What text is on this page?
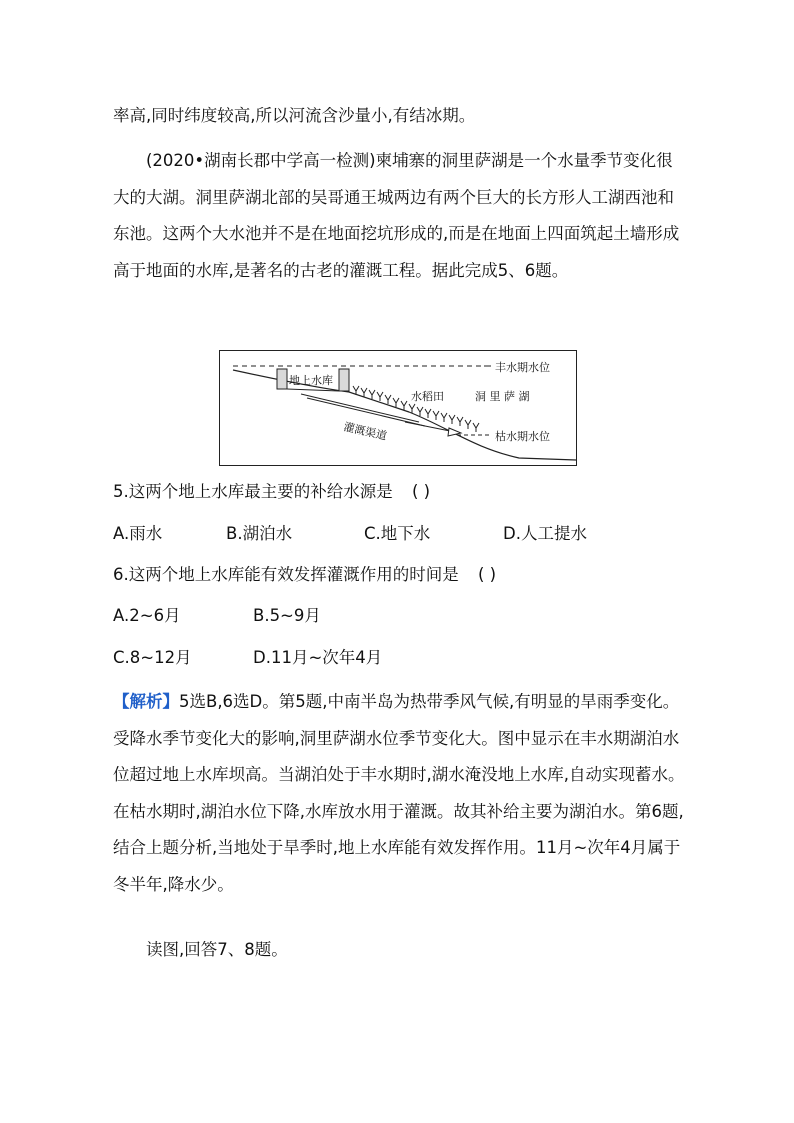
率高,同时纬度较高,所以河流含沙量小,有结冰期。

(2020•湖南长郡中学高一检测)柬埔寨的洞里萨湖是一个水量季节变化很大的大湖。洞里萨湖北部的吴哥通王城两边有两个巨大的长方形人工湖西池和东池。这两个大水池并不是在地面挖坑形成的,而是在地面上四面筑起土墙形成高于地面的水库,是著名的古老的灌溉工程。据此完成5、6题。

丰水期水位
枯水期水位
地上水库
水稻田	洞 里 萨 湖
灌溉渠道
5.这两个地上水库最主要的补给水源是 ( )
A.雨水	B.湖泊水	C.地下水	D.人工提水
6.这两个地上水库能有效发挥灌溉作用的时间是 ( )
A.2~6月	B.5~9月
C.8~12月	D.11月~次年4月

【解析】5选B,6选D。第5题,中南半岛为热带季风气候,有明显的旱雨季变化。受降水季节变化大的影响,洞里萨湖水位季节变化大。图中显示在丰水期湖泊水位超过地上水库坝高。当湖泊处于丰水期时,湖水淹没地上水库,自动实现蓄水。在枯水期时,湖泊水位下降,水库放水用于灌溉。故其补给主要为湖泊水。第6题,结合上题分析,当地处于旱季时,地上水库能有效发挥作用。11月~次年4月属于冬半年,降水少。

读图,回答7、8题。
